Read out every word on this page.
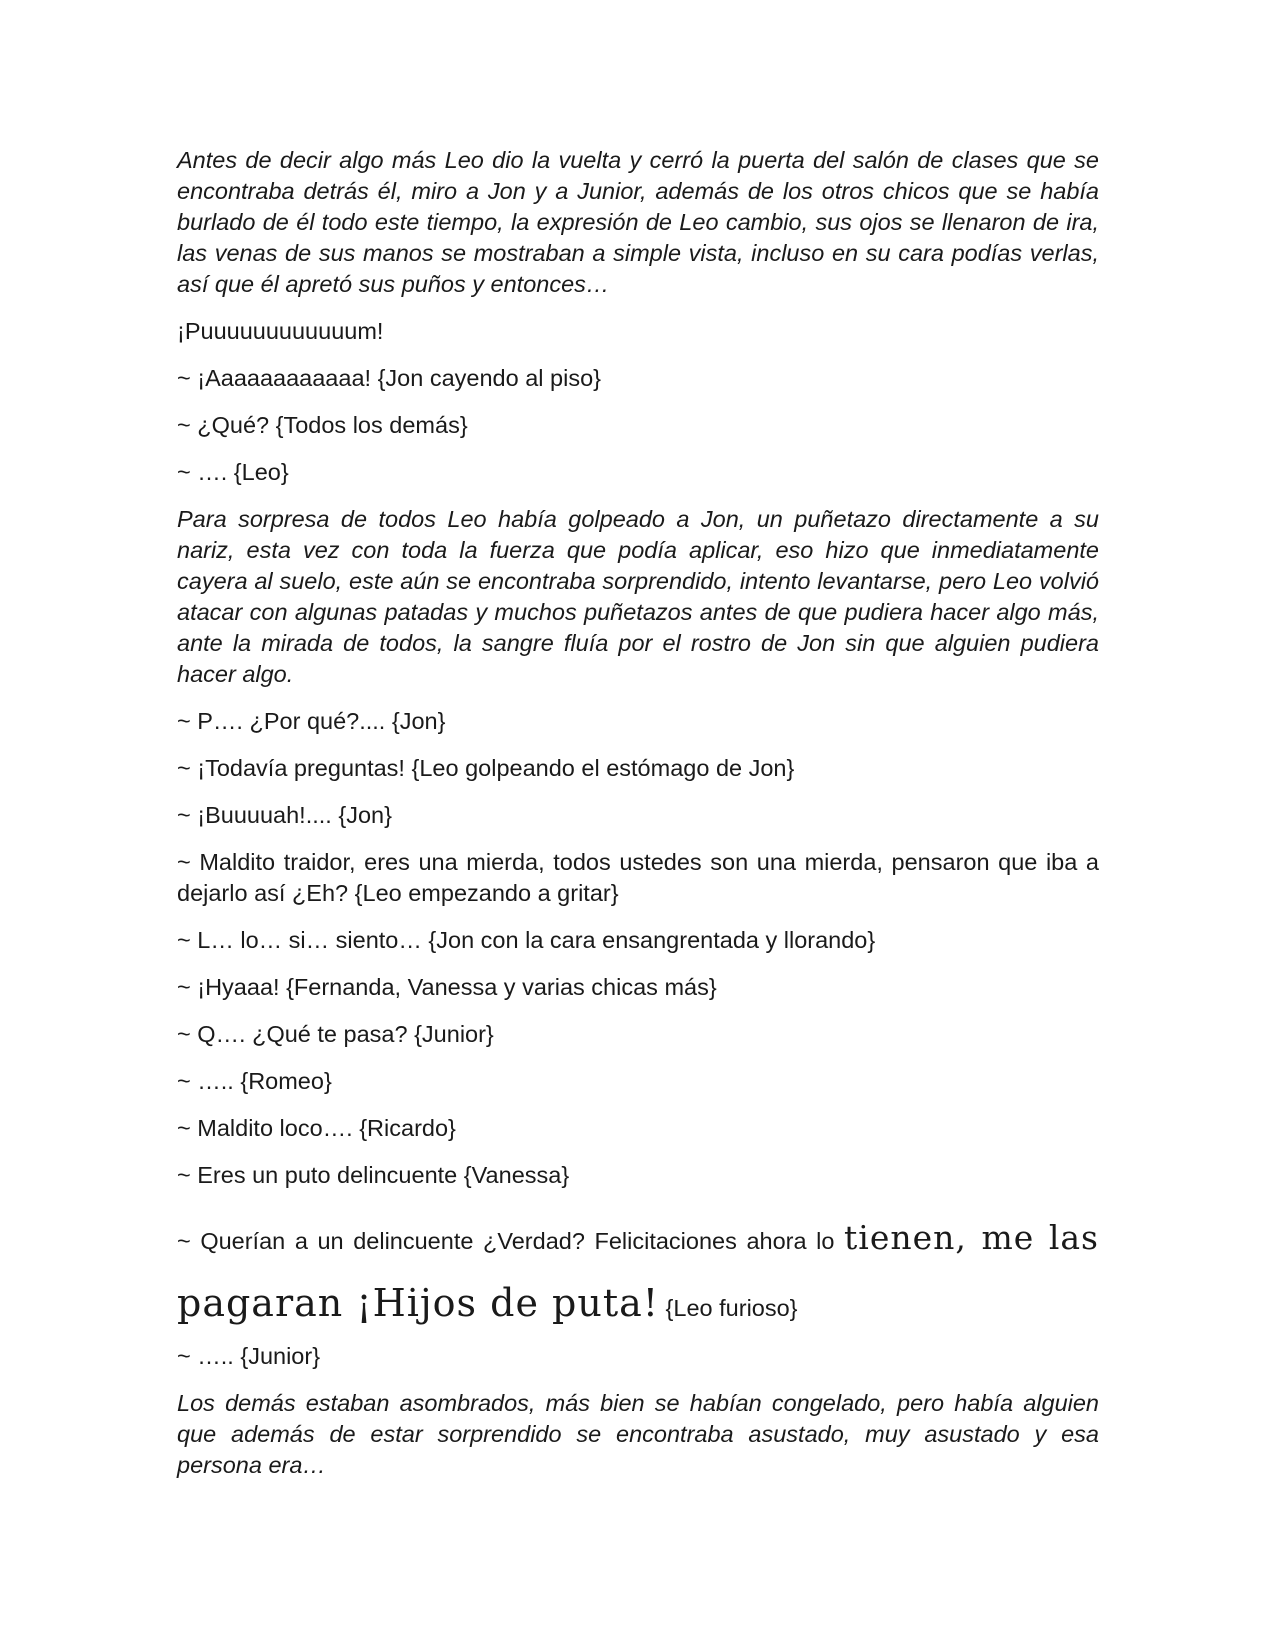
Antes de decir algo más Leo dio la vuelta y cerró la puerta del salón de clases que se encontraba detrás él, miro a Jon y a Junior, además de los otros chicos que se había burlado de él todo este tiempo, la expresión de Leo cambio, sus ojos se llenaron de ira, las venas de sus manos se mostraban a simple vista, incluso en su cara podías verlas, así que él apretó sus puños y entonces…

¡Puuuuuuuuuuuum!

~ ¡Aaaaaaaaaaaa! {Jon cayendo al piso}

~ ¿Qué? {Todos los demás}

~ …. {Leo}

Para sorpresa de todos Leo había golpeado a Jon, un puñetazo directamente a su nariz, esta vez con toda la fuerza que podía aplicar, eso hizo que inmediatamente cayera al suelo, este aún se encontraba sorprendido, intento levantarse, pero Leo volvió atacar con algunas patadas y muchos puñetazos antes de que pudiera hacer algo más, ante la mirada de todos, la sangre fluía por el rostro de Jon sin que alguien pudiera hacer algo.

~ P…. ¿Por qué?.... {Jon}

~ ¡Todavía preguntas! {Leo golpeando el estómago de Jon}

~ ¡Buuuuah!.... {Jon}

~ Maldito traidor, eres una mierda, todos ustedes son una mierda, pensaron que iba a dejarlo así ¿Eh? {Leo empezando a gritar}

~ L… lo… si… siento… {Jon con la cara ensangrentada y llorando}

~ ¡Hyaaa! {Fernanda, Vanessa y varias chicas más}

~ Q…. ¿Qué te pasa? {Junior}

~ ….. {Romeo}

~ Maldito loco…. {Ricardo}

~ Eres un puto delincuente {Vanessa}

~ Querían a un delincuente ¿Verdad? Felicitaciones ahora lo tienen, me las pagaran ¡Hijos de puta! {Leo furioso}

~ ….. {Junior}

Los demás estaban asombrados, más bien se habían congelado, pero había alguien que además de estar sorprendido se encontraba asustado, muy asustado y esa persona era…
